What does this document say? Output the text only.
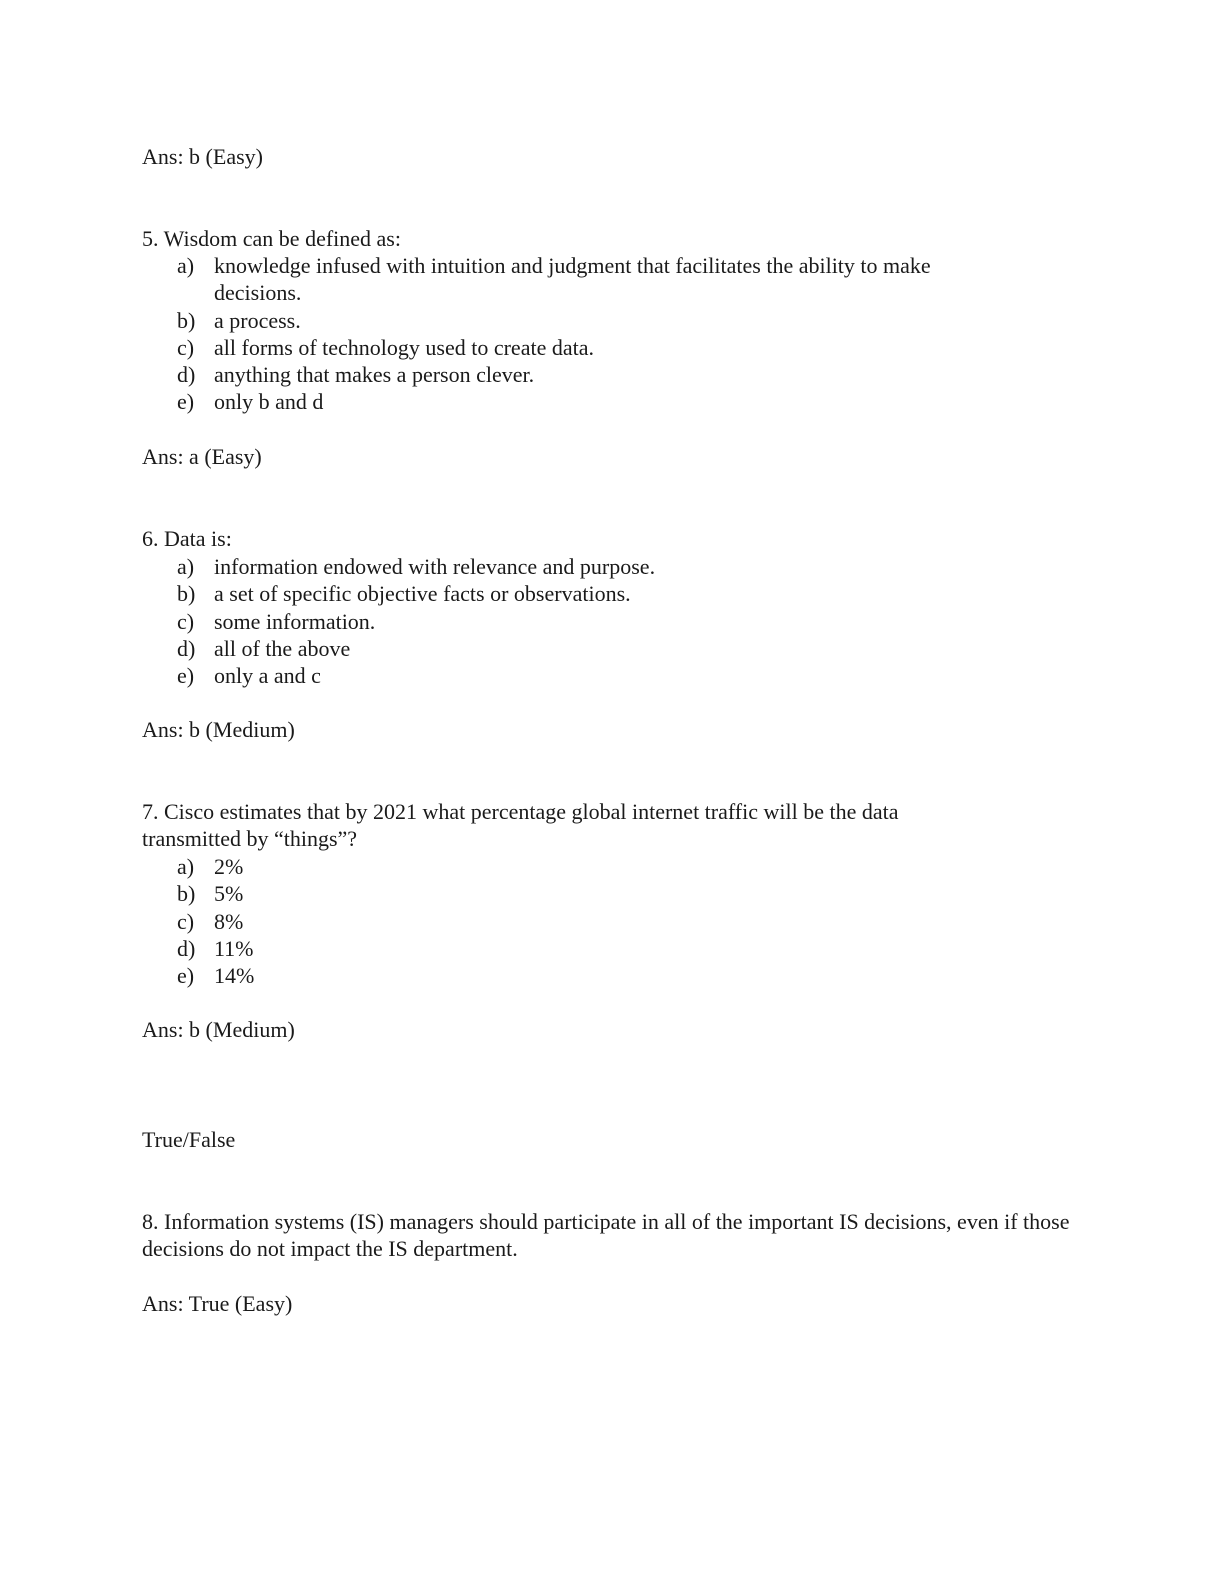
Ans: b (Easy)
5. Wisdom can be defined as:
a) knowledge infused with intuition and judgment that facilitates the ability to make decisions.
b) a process.
c) all forms of technology used to create data.
d) anything that makes a person clever.
e) only b and d
Ans: a (Easy)
6. Data is:
a) information endowed with relevance and purpose.
b) a set of specific objective facts or observations.
c) some information.
d) all of the above
e) only a and c
Ans: b (Medium)
7. Cisco estimates that by 2021 what percentage global internet traffic will be the data transmitted by “things”?
a) 2%
b) 5%
c) 8%
d) 11%
e) 14%
Ans: b (Medium)
True/False
8. Information systems (IS) managers should participate in all of the important IS decisions, even if those decisions do not impact the IS department.
Ans: True (Easy)
